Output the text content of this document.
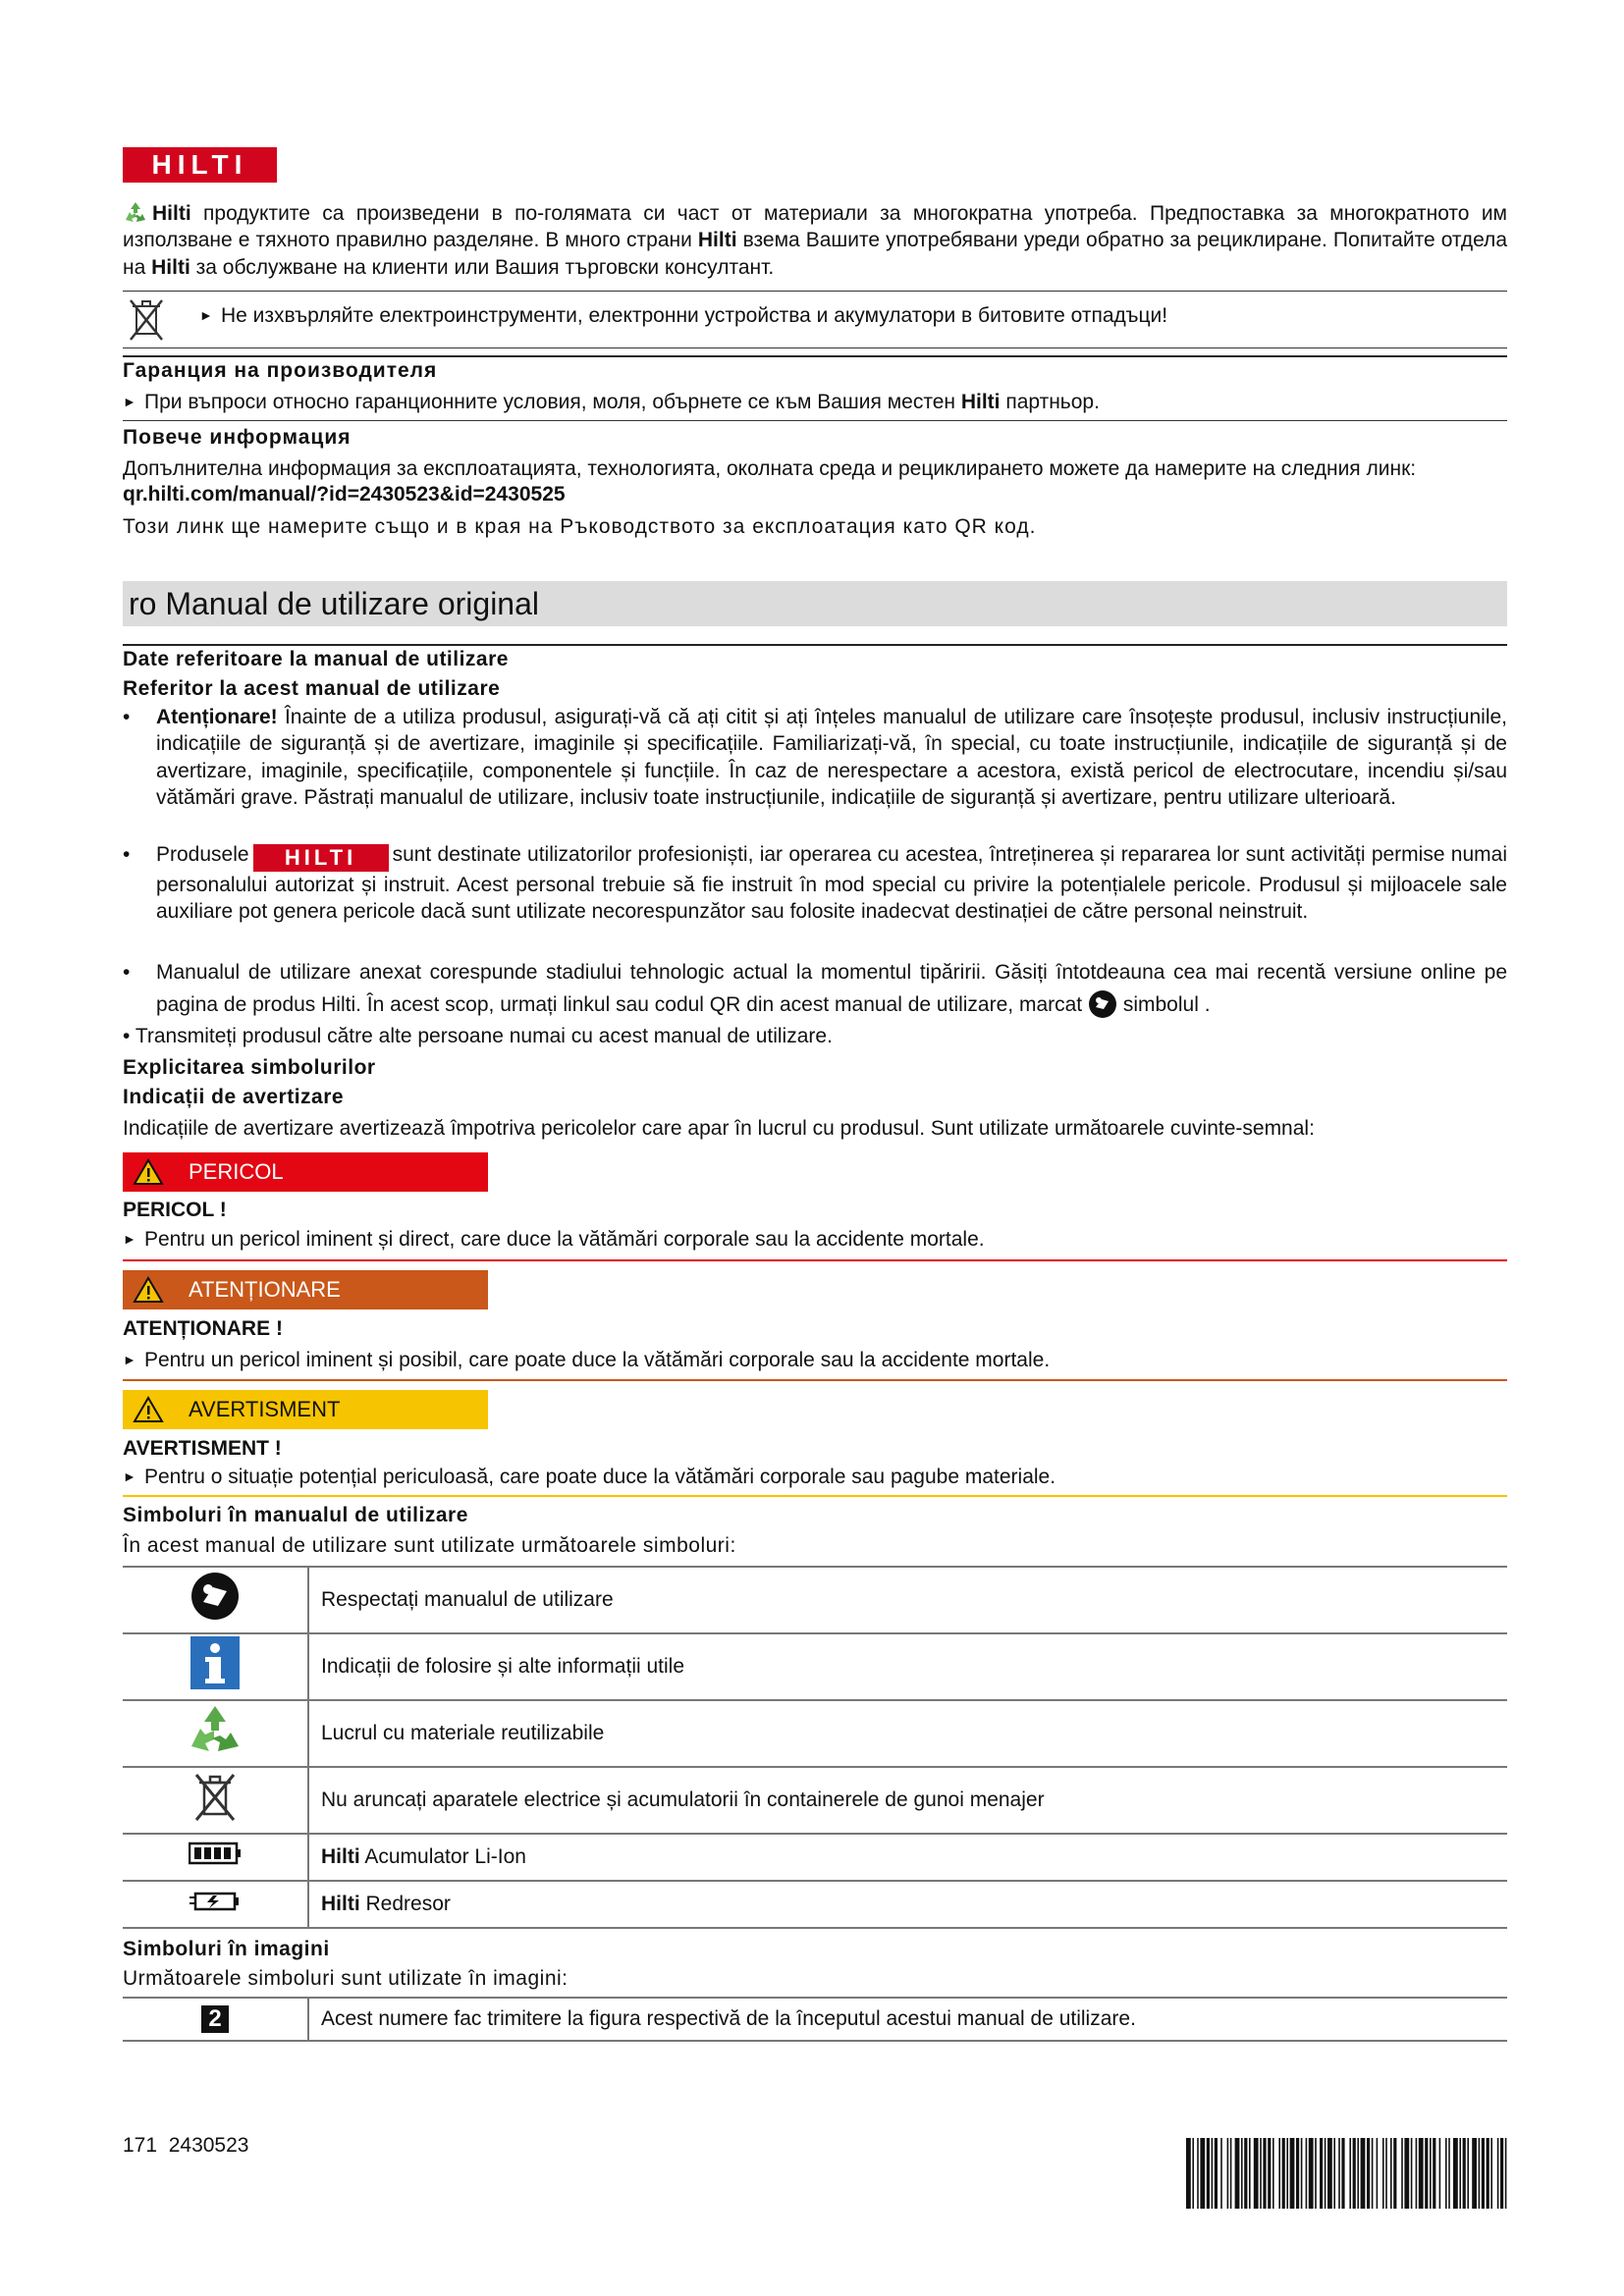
HILTI
Hilti продуктите са произведени в по-голямата си част от материали за многократна употреба. Предпоставка за многократното им използване е тяхното правилно разделяне. В много страни Hilti взема Вашите употребявани уреди обратно за рециклиране. Попитайте отдела на Hilti за обслужване на клиенти или Вашия търговски консултант.
► Не изхвърляйте електроинструменти, електронни устройства и акумулатори в битовите отпадъци!
Гаранция на производителя
► При въпроси относно гаранционните условия, моля, обърнете се към Вашия местен Hilti партньор.
Повече информация
Допълнителна информация за експлоатацията, технологията, околната среда и рециклирането можете да намерите на следния линк:
qr.hilti.com/manual/?id=2430523&id=2430525
Този линк ще намерите също и в края на Ръководството за експлоатация като QR код.
ro Manual de utilizare original
Date referitoare la manual de utilizare
Referitor la acest manual de utilizare
• Atenționare! Înainte de a utiliza produsul, asigurați-vă că ați citit și ați înțeles manualul de utilizare care însoțește produsul, inclusiv instrucțiunile, indicațiile de siguranță și de avertizare, imaginile și specificațiile. Familiarizați-vă, în special, cu toate instrucțiunile, indicațiile de siguranță și de avertizare, imaginile, specificațiile, componentele și funcțiile. În caz de nerespectare a acestora, există pericol de electrocutare, incendiu și/sau vătămări grave. Păstrați manualul de utilizare, inclusiv toate instrucțiunile, indicațiile de siguranță și avertizare, pentru utilizare ulterioară.
• Produsele HILTI sunt destinate utilizatorilor profesioniști, iar operarea cu acestea, întreținerea și repararea lor sunt activități permise numai personalului autorizat și instruit. Acest personal trebuie să fie instruit în mod special cu privire la potențialele pericole. Produsul și mijloacele sale auxiliare pot genera pericole dacă sunt utilizate necorespunzător sau folosite inadecvat destinației de către personal neinstruit.
• Manualul de utilizare anexat corespunde stadiului tehnologic actual la momentul tipăririi. Găsiți întotdeauna cea mai recentă versiune online pe pagina de produs Hilti. În acest scop, urmați linkul sau codul QR din acest manual de utilizare, marcat simbolul .
• Transmiteți produsul către alte persoane numai cu acest manual de utilizare.
Explicitarea simbolurilor
Indicații de avertizare
Indicațiile de avertizare avertizează împotriva pericolelor care apar în lucrul cu produsul. Sunt utilizate următoarele cuvinte-semnal:
PERICOL
PERICOL !
► Pentru un pericol iminent și direct, care duce la vătămări corporale sau la accidente mortale.
ATENȚIONARE
ATENȚIONARE !
► Pentru un pericol iminent și posibil, care poate duce la vătămări corporale sau la accidente mortale.
AVERTISMENT
AVERTISMENT !
► Pentru o situație potențial periculoasă, care poate duce la vătămări corporale sau pagube materiale.
Simboluri în manualul de utilizare
În acest manual de utilizare sunt utilizate următoarele simboluri:
	Respectați manualul de utilizare
	Indicații de folosire și alte informații utile
	Lucrul cu materiale reutilizabile
	Nu aruncați aparatele electrice și acumulatorii în containerele de gunoi menajer
	Hilti Acumulator Li-Ion
	Hilti Redresor
Simboluri în imagini
Următoarele simboluri sunt utilizate în imagini:
2	Acest numere fac trimitere la figura respectivă de la începutul acestui manual de utilizare.
171 2430523
